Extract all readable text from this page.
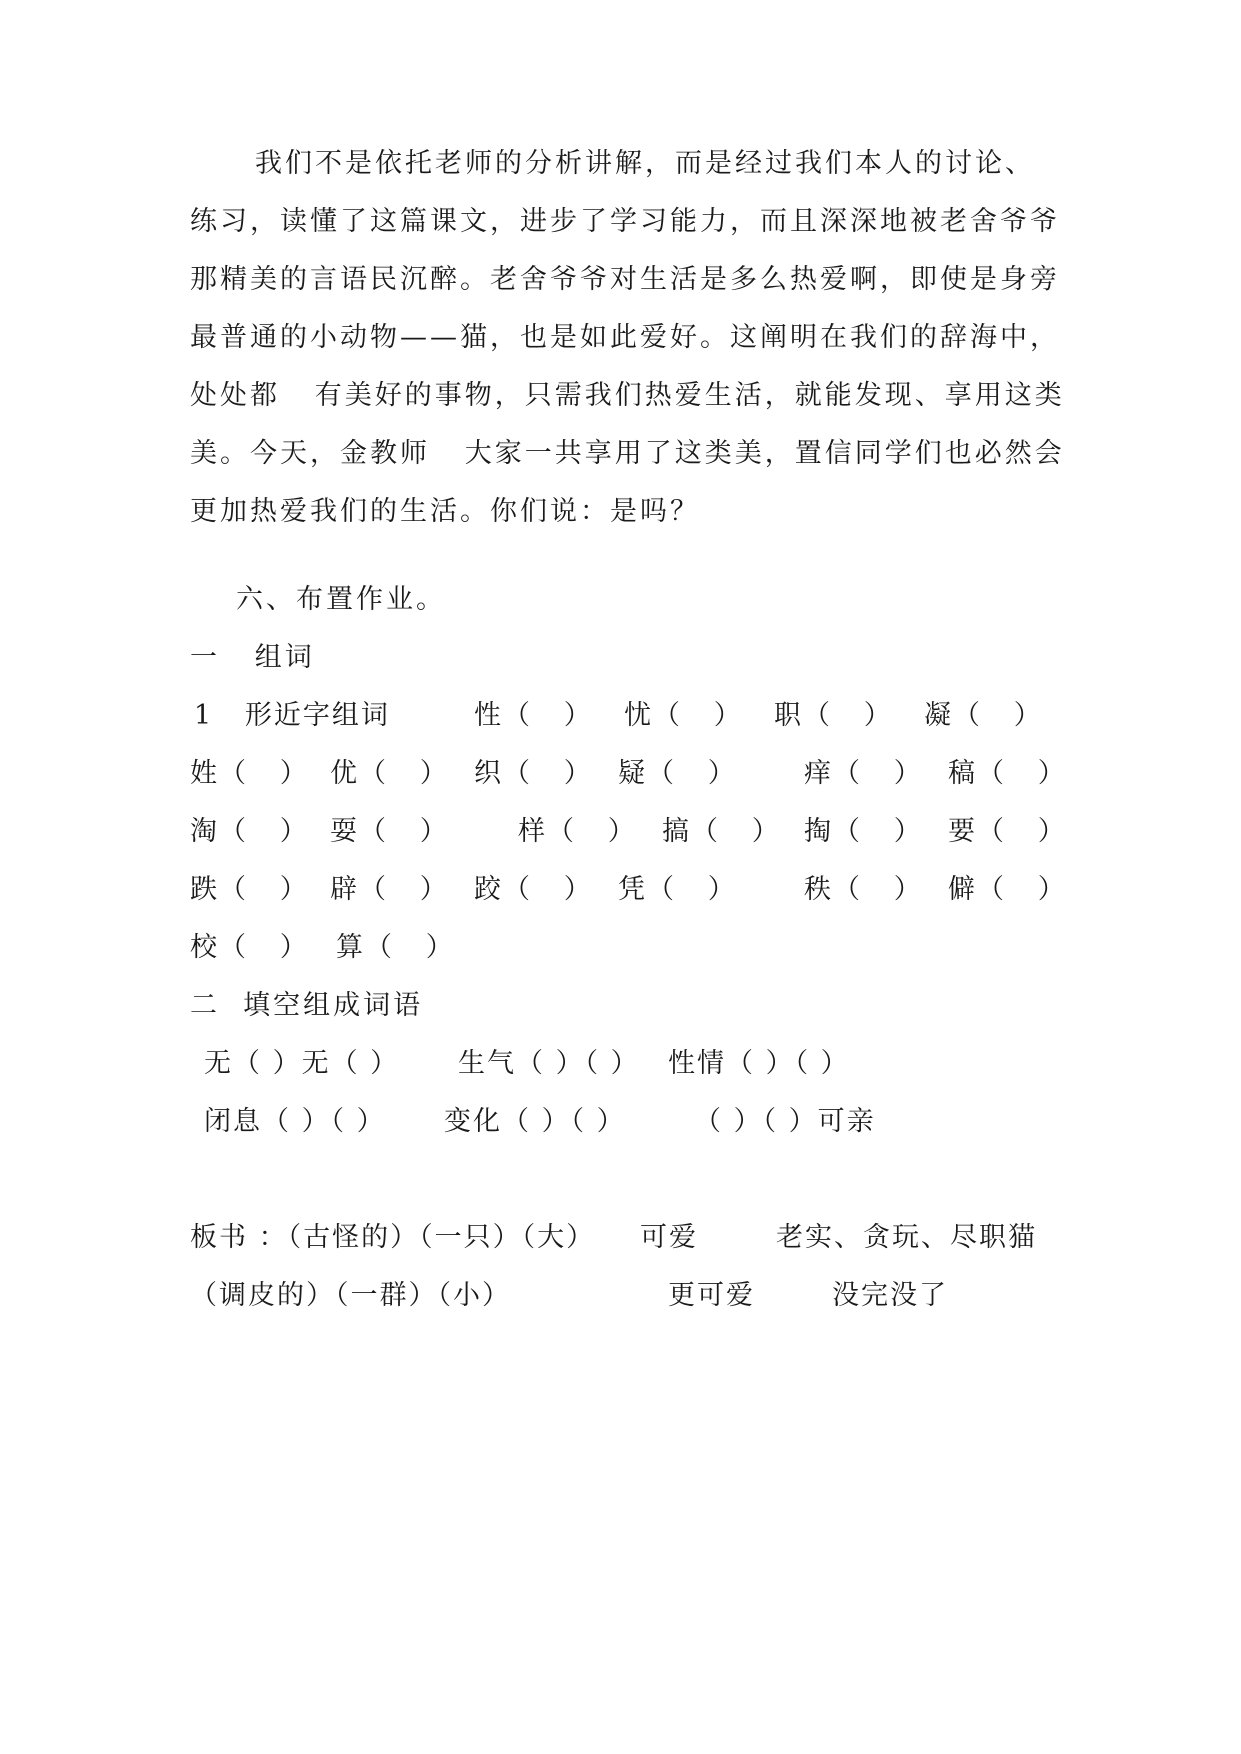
我们不是依托老师的分析讲解，而是经过我们本人的讨论、
练习，读懂了这篇课文，进步了学习能力，而且深深地被老舍爷爷
那精美的言语民沉醉。老舍爷爷对生活是多么热爱啊，即使是身旁
最普通的小动物——猫，也是如此爱好。这阐明在我们的辞海中，
处处都   有美好的事物，只需我们热爱生活，就能发现、享用这类
美。今天，金教师   大家一共享用了这类美，置信同学们也必然会
更加热爱我们的生活。你们说：是吗？
六、布置作业。
一   组词
1   形近字组词	性（   ） 忧（   ） 职（   ） 凝（   ）
姓（   ） 优（   ） 织（   ） 疑（   ） 痒（   ） 稿（   ）
淘（   ） 耍（   ）	样（   ） 搞（   ） 掏（   ） 要（   ）
跌（   ） 辟（   ） 跤（   ） 凭（   ） 秩（   ） 僻（   ）
校（   ） 算（   ）
二  填空组成词语
无（ ）无（ ） 生气（ ）（ ） 性情（ ）（ ）
闭息（ ）（ ） 变化（ ）（ ）	（ ）（ ）可亲
板书 ：（古怪的）（一只）（大） 可爱	老实、贪玩、尽职猫
（调皮的）（一群）（小）	更可爱	没完没了
